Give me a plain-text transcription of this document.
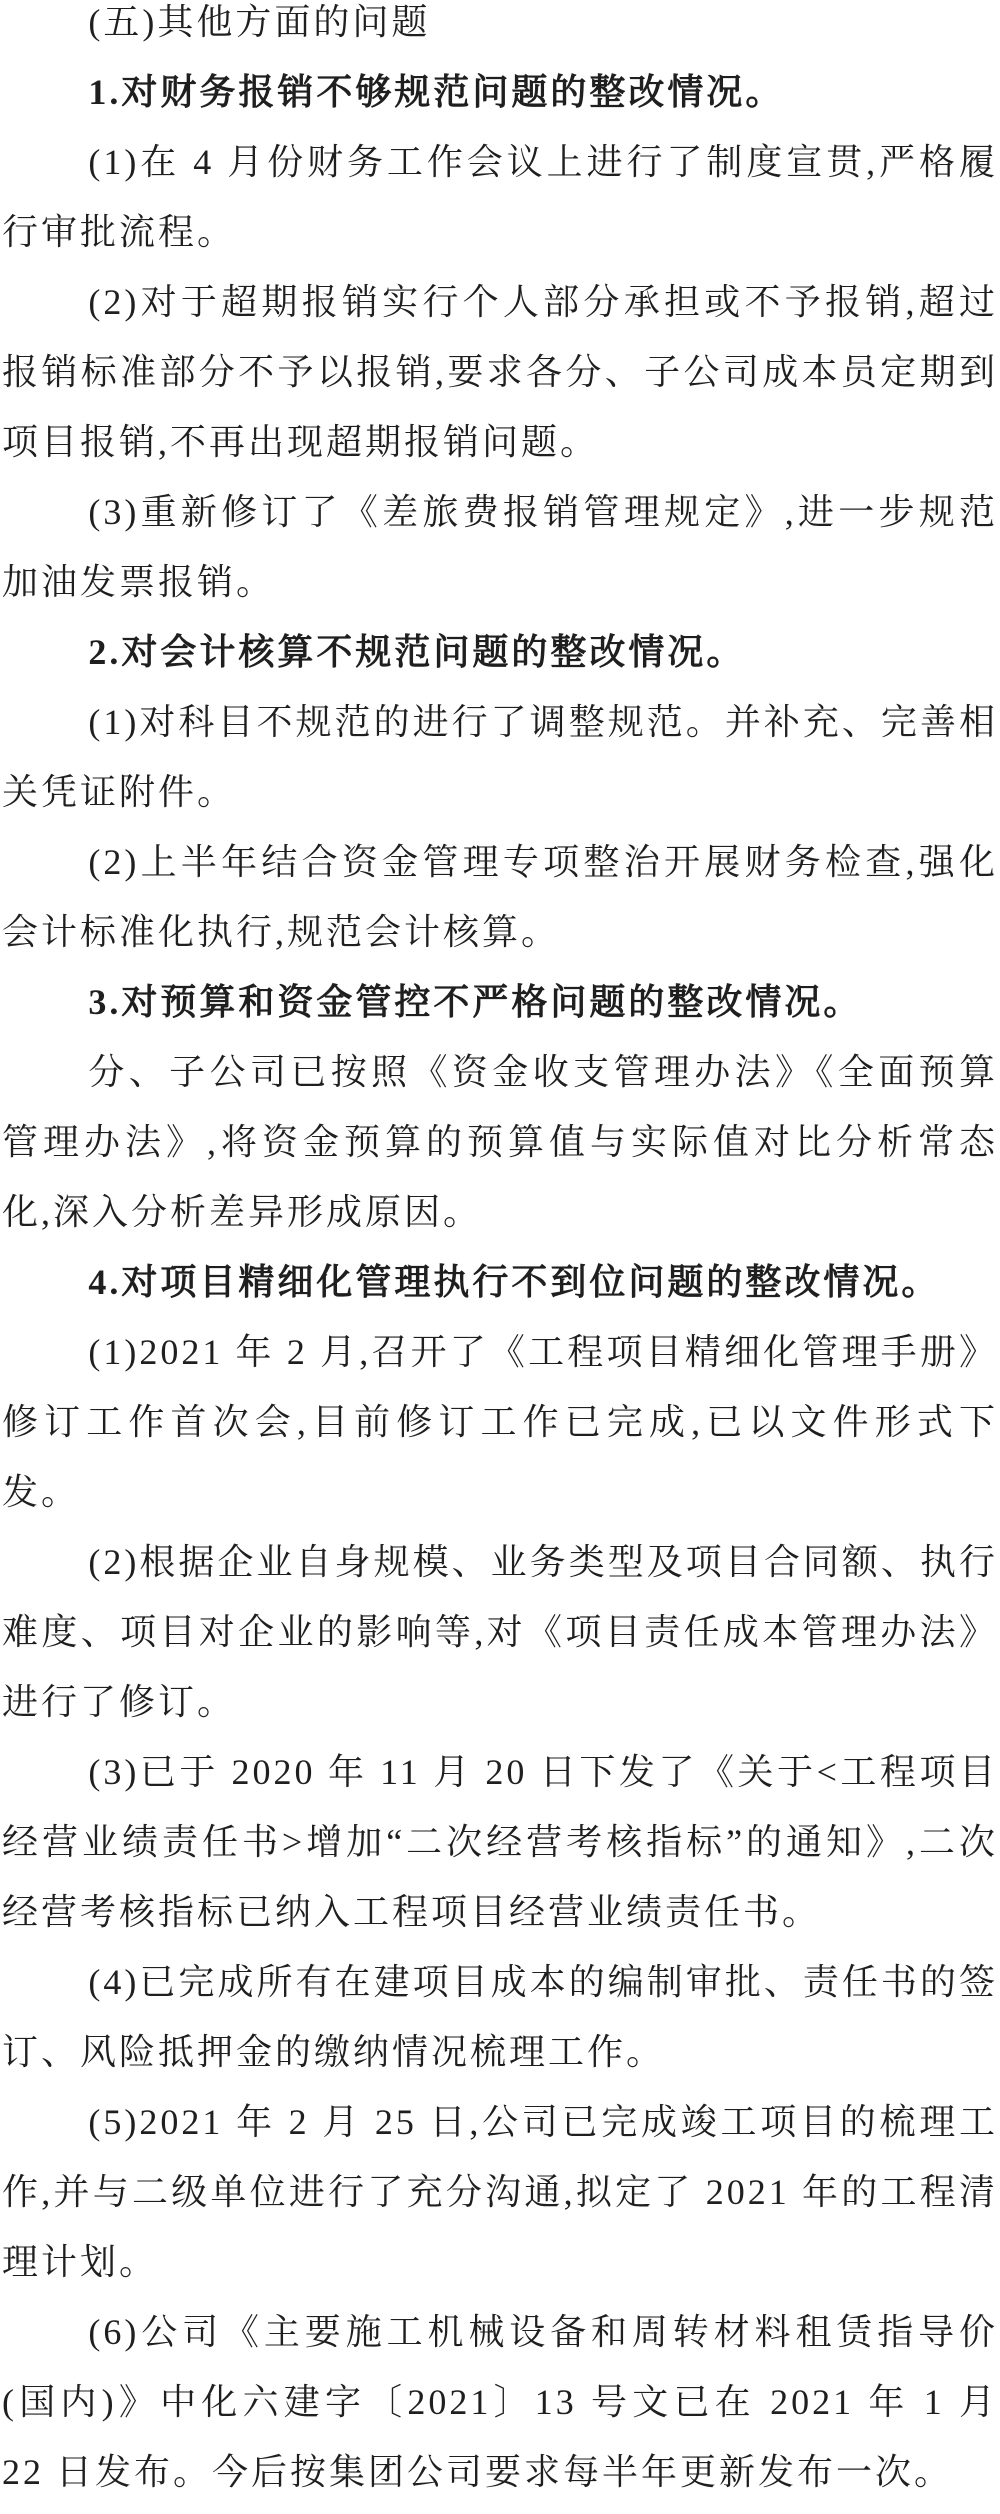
(五)其他方面的问题

1.对财务报销不够规范问题的整改情况。

(1)在 4 月份财务工作会议上进行了制度宣贯,严格履行审批流程。

(2)对于超期报销实行个人部分承担或不予报销,超过报销标准部分不予以报销,要求各分、子公司成本员定期到项目报销,不再出现超期报销问题。

(3)重新修订了《差旅费报销管理规定》,进一步规范加油发票报销。

2.对会计核算不规范问题的整改情况。

(1)对科目不规范的进行了调整规范。并补充、完善相关凭证附件。

(2)上半年结合资金管理专项整治开展财务检查,强化会计标准化执行,规范会计核算。

3.对预算和资金管控不严格问题的整改情况。

分、子公司已按照《资金收支管理办法》《全面预算管理办法》,将资金预算的预算值与实际值对比分析常态化,深入分析差异形成原因。

4.对项目精细化管理执行不到位问题的整改情况。

(1)2021 年 2 月,召开了《工程项目精细化管理手册》修订工作首次会,目前修订工作已完成,已以文件形式下发。

(2)根据企业自身规模、业务类型及项目合同额、执行难度、项目对企业的影响等,对《项目责任成本管理办法》进行了修订。

(3)已于 2020 年 11 月 20 日下发了《关于<工程项目经营业绩责任书>增加“二次经营考核指标”的通知》,二次经营考核指标已纳入工程项目经营业绩责任书。

(4)已完成所有在建项目成本的编制审批、责任书的签订、风险抵押金的缴纳情况梳理工作。

(5)2021 年 2 月 25 日,公司已完成竣工项目的梳理工作,并与二级单位进行了充分沟通,拟定了 2021 年的工程清理计划。

(6)公司《主要施工机械设备和周转材料租赁指导价(国内)》中化六建字〔2021〕13 号文已在 2021 年 1 月 22 日发布。今后按集团公司要求每半年更新发布一次。
